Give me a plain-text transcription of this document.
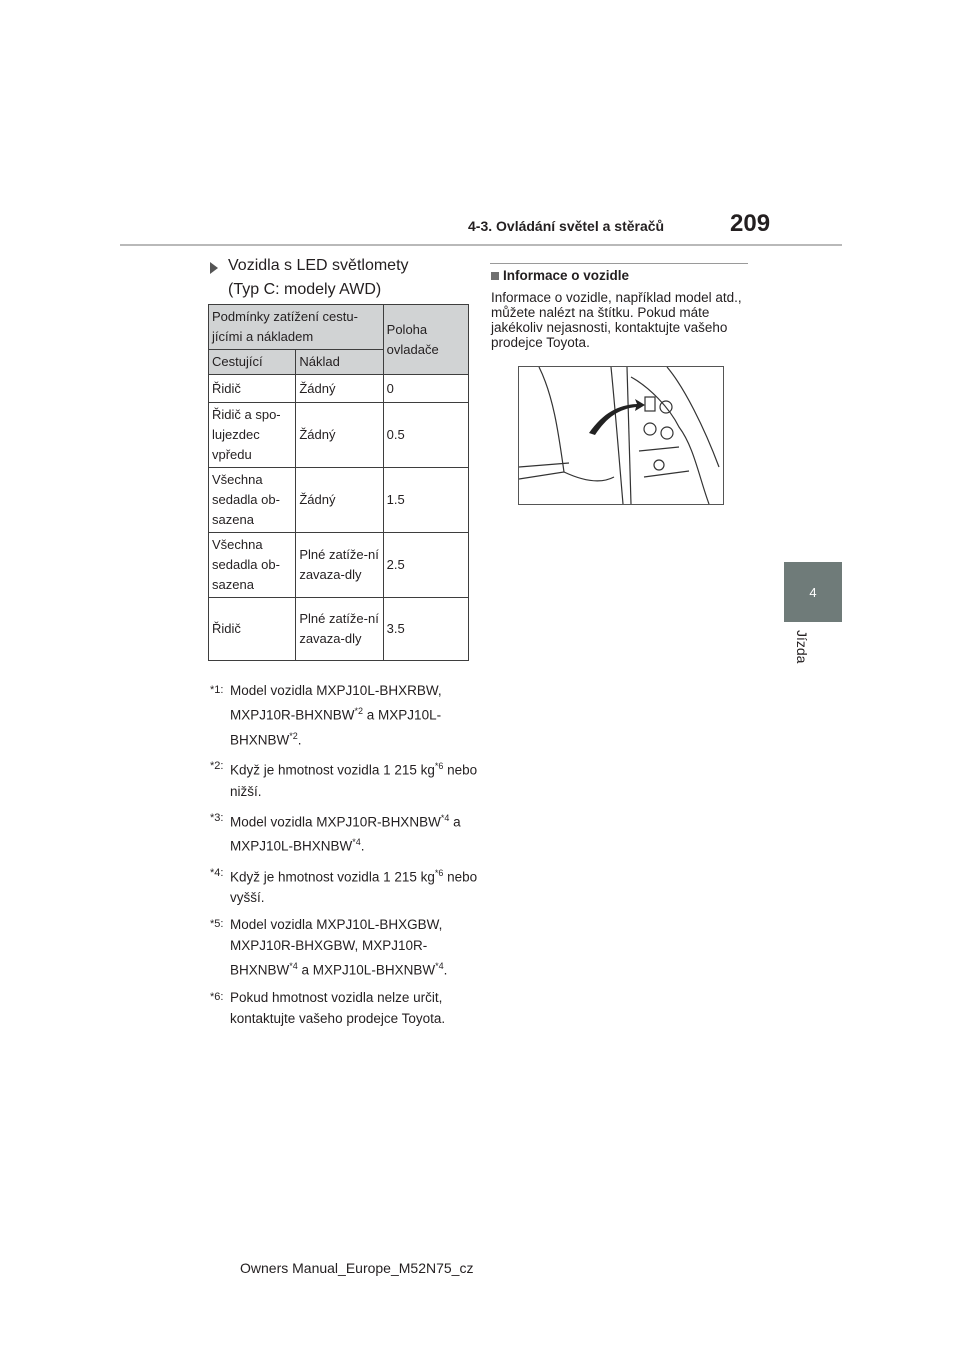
4-3. Ovládání světel a stěračů	209
4
Jízda
Vozidla s LED světlomety
(Typ C: modely AWD)
Podmínky zatížení cestu-jícími a nákladem		Poloha ovladače
Cestující	Náklad	
Řidič	Žádný	0
Řidič a spo-lujezdec vpředu	Žádný	0.5
Všechna sedadla ob-sazena	Žádný	1.5
Všechna sedadla ob-sazena	Plné zatíže-ní zavaza-dly	2.5
Řidič	Plné zatíže-ní zavaza-dly	3.5
*1: Model vozidla MXPJ10L-BHXRBW, MXPJ10R-BHXNBW$^{*2}$ a MXPJ10L-BHXNBW$^{*2}$.
*2: Když je hmotnost vozidla 1 215 $kg^{*6}$ nebo nižší.
*3: Model vozidla MXPJ10R-BHXNBW$^{*4}$ a MXPJ10L-BHXNBW$^{*4}$.
*4: Když je hmotnost vozidla 1 215 $kg^{*6}$ nebo vyšší.
*5: Model vozidla MXPJ10L-BHXGBW, MXPJ10R-BHXGBW, MXPJ10R-BHXNBW$^{*4}$ a MXPJ10L-BHXNBW$^{*4}$.
*6: Pokud hmotnost vozidla nelze určit, kontaktujte vašeho prodejce Toyota.
Informace o vozidle
Informace o vozidle, například model atd., můžete nalézt na štítku. Pokud máte jakékoliv nejasnosti, kontaktujte vašeho prodejce Toyota.
Owners Manual_Europe_M52N75_cz
